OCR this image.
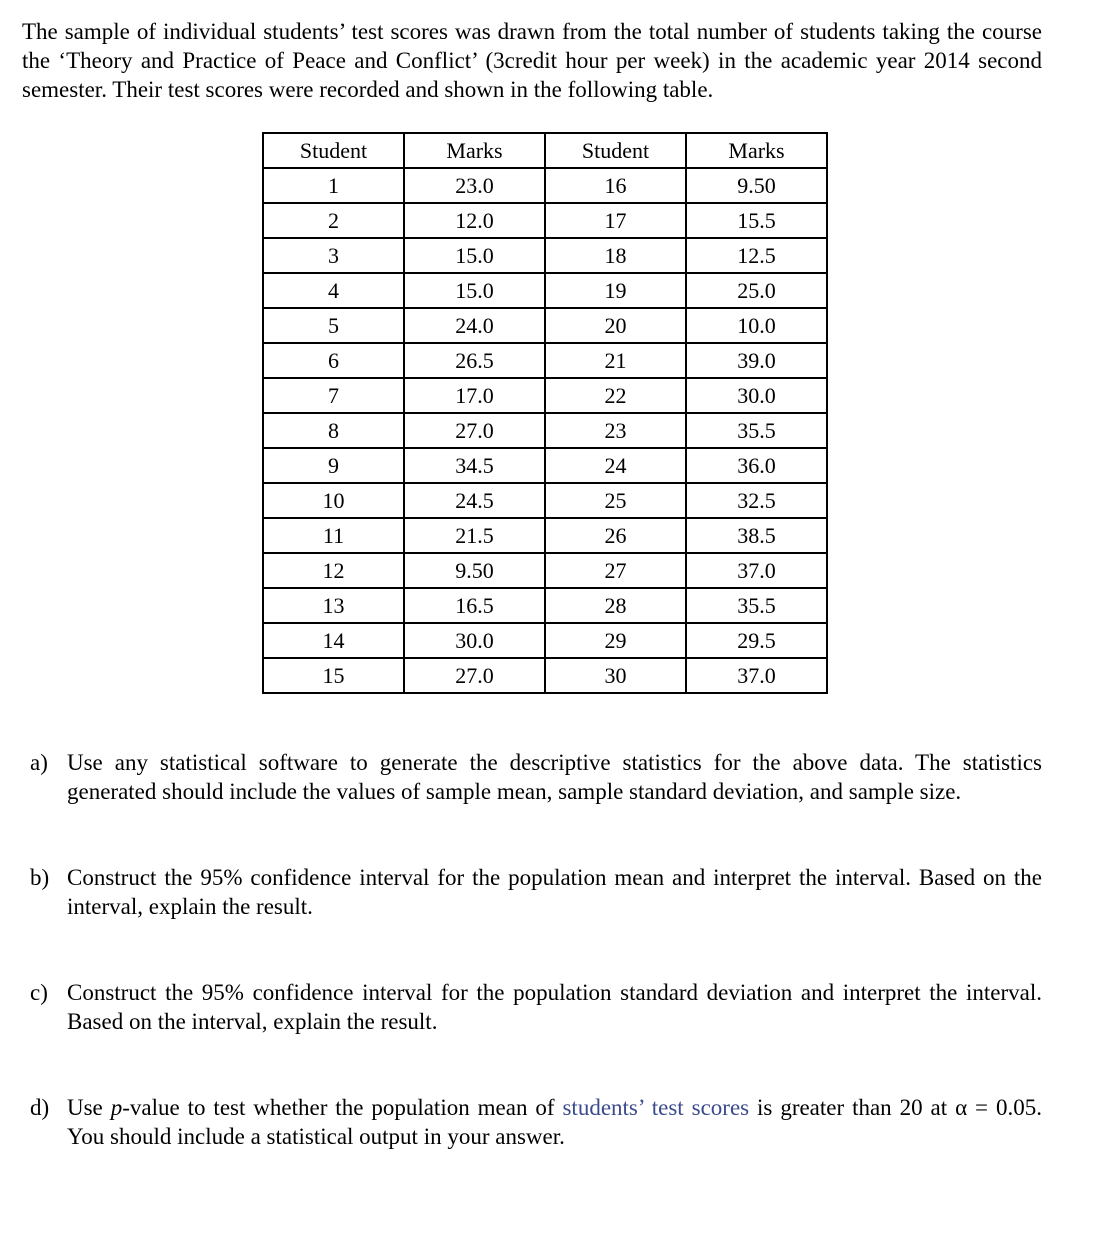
The sample of individual students’ test scores was drawn from the total number of students taking the course the ‘Theory and Practice of Peace and Conflict’ (3credit hour per week) in the academic year 2014 second semester. Their test scores were recorded and shown in the following table.

Student	Marks	Student	Marks
1	23.0	16	9.50
2	12.0	17	15.5
3	15.0	18	12.5
4	15.0	19	25.0
5	24.0	20	10.0
6	26.5	21	39.0
7	17.0	22	30.0
8	27.0	23	35.5
9	34.5	24	36.0
10	24.5	25	32.5
11	21.5	26	38.5
12	9.50	27	37.0
13	16.5	28	35.5
14	30.0	29	29.5
15	27.0	30	37.0
a) Use any statistical software to generate the descriptive statistics for the above data. The statistics generated should include the values of sample mean, sample standard deviation, and sample size.
b) Construct the 95% confidence interval for the population mean and interpret the interval. Based on the interval, explain the result.
c) Construct the 95% confidence interval for the population standard deviation and interpret the interval. Based on the interval, explain the result.
d) Use p-value to test whether the population mean of students’ test scores is greater than 20 at α = 0.05. You should include a statistical output in your answer.
